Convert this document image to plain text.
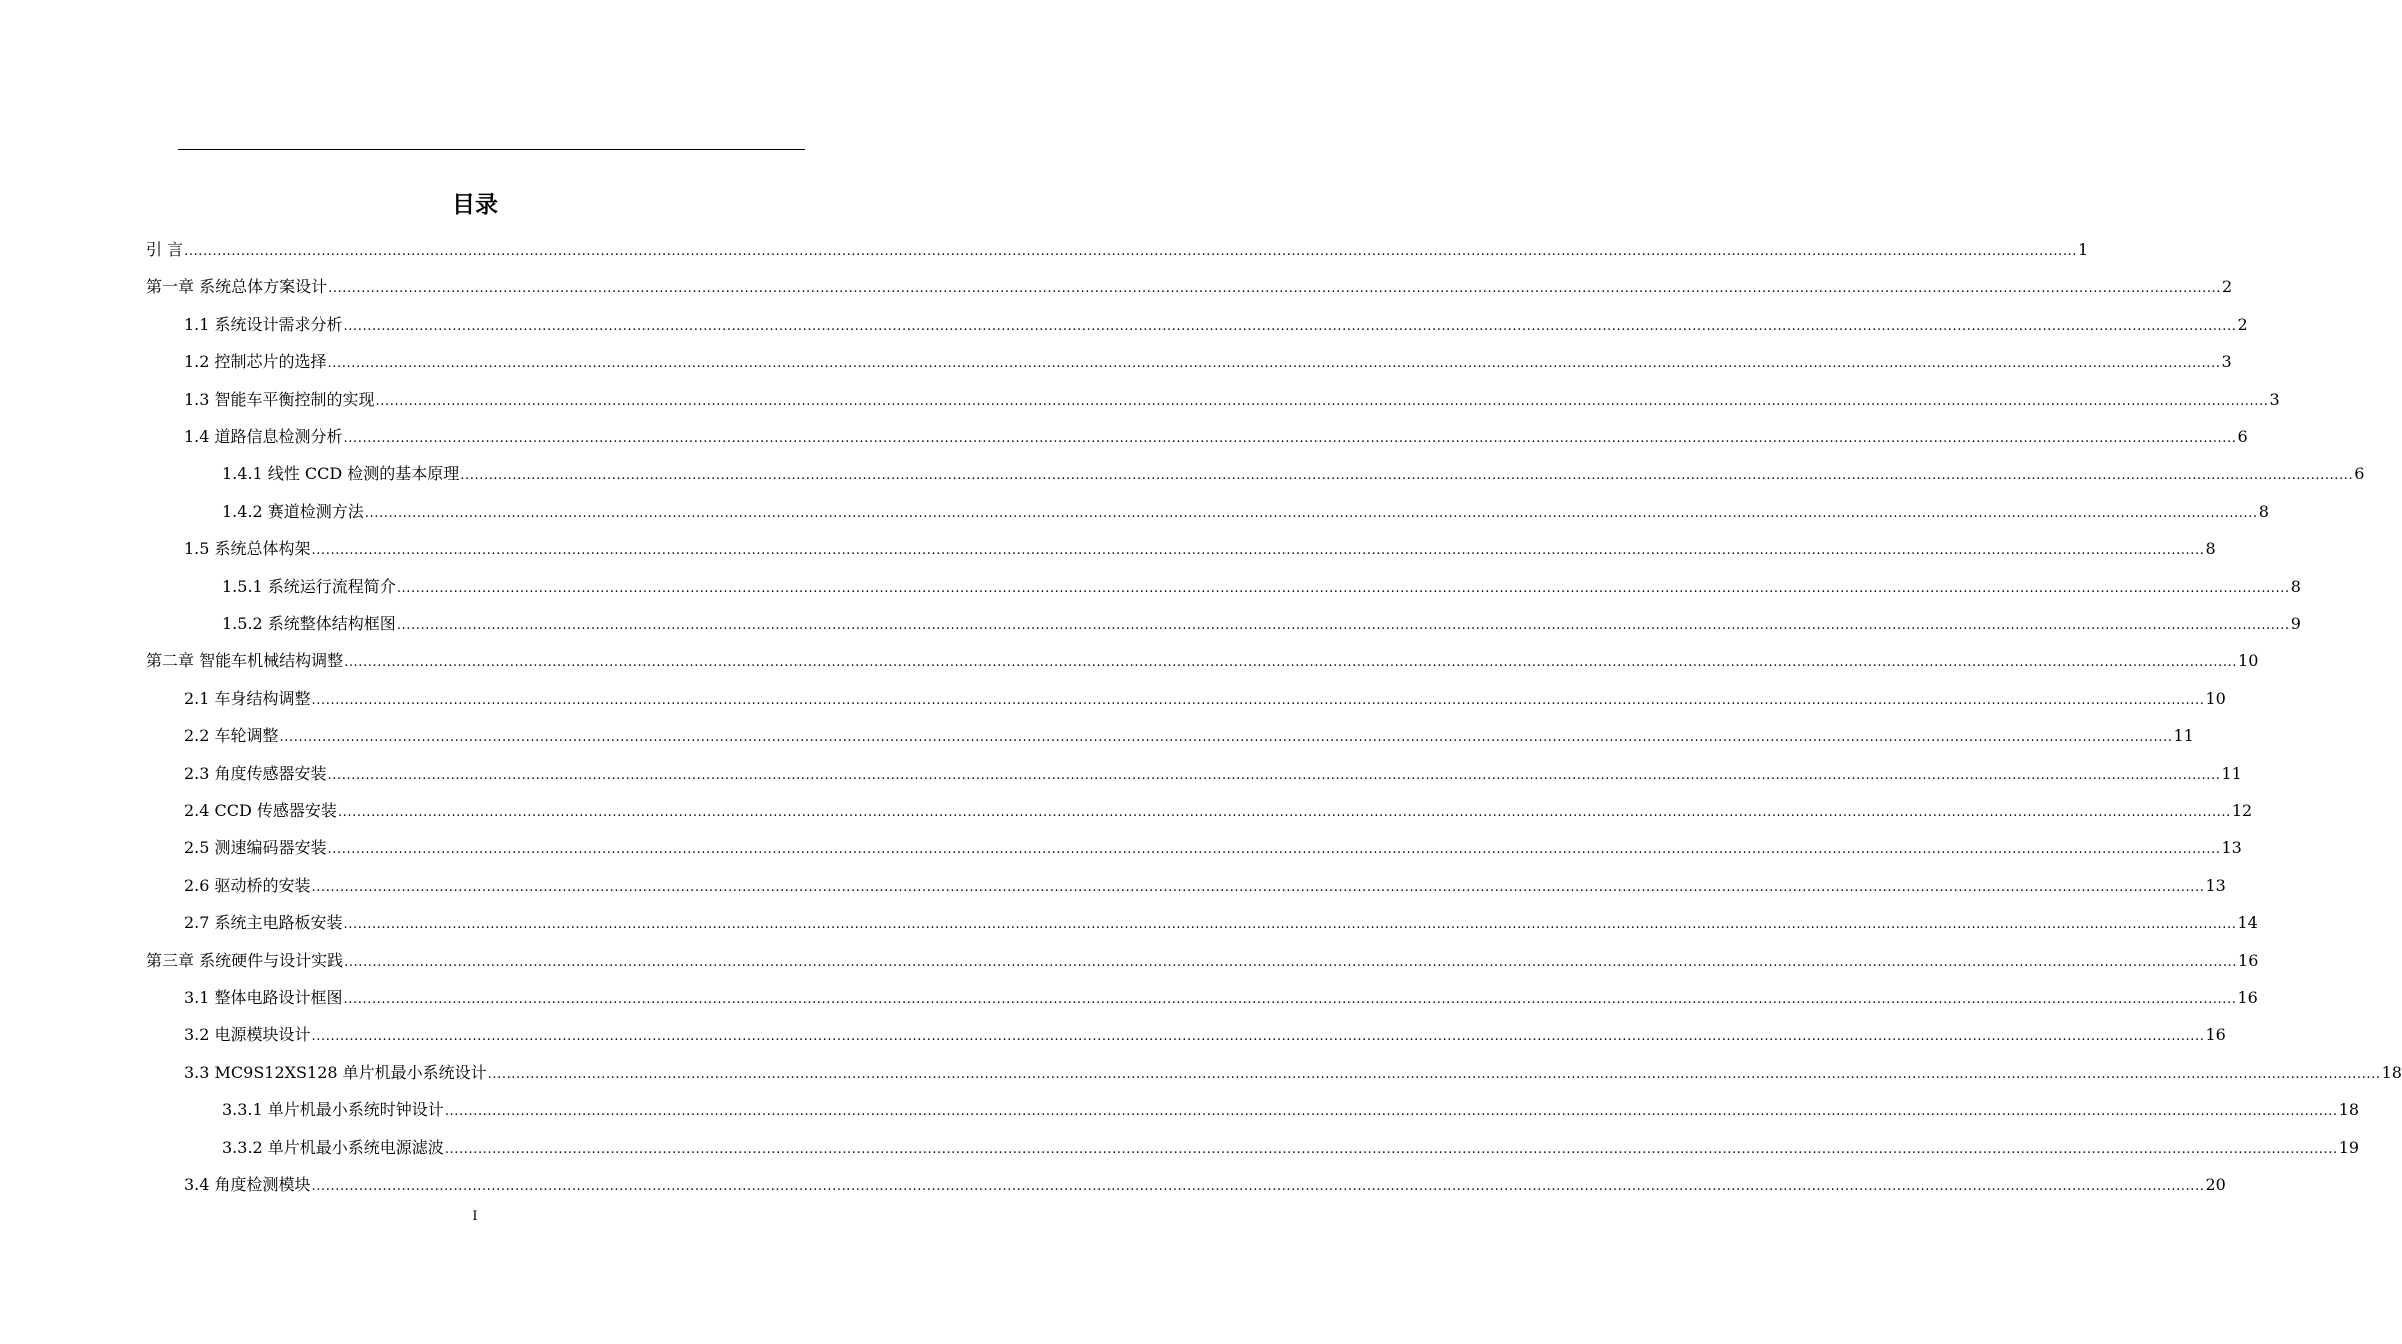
目录
引 言 ................................................................................................................................................................................................................................................................................................................................................................................................................ 1
第一章 系统总体方案设计 ................................................................................................................................................................................................................................................................................................................................................................................................................ 2
1.1 系统设计需求分析 ................................................................................................................................................................................................................................................................................................................................................................................................................ 2
1.2 控制芯片的选择 ................................................................................................................................................................................................................................................................................................................................................................................................................ 3
1.3 智能车平衡控制的实现 ................................................................................................................................................................................................................................................................................................................................................................................................................ 3
1.4 道路信息检测分析 ................................................................................................................................................................................................................................................................................................................................................................................................................ 6
1.4.1 线性 CCD 检测的基本原理 ................................................................................................................................................................................................................................................................................................................................................................................................................ 6
1.4.2 赛道检测方法 ................................................................................................................................................................................................................................................................................................................................................................................................................ 8
1.5 系统总体构架 ................................................................................................................................................................................................................................................................................................................................................................................................................ 8
1.5.1 系统运行流程简介 ................................................................................................................................................................................................................................................................................................................................................................................................................ 8
1.5.2 系统整体结构框图 ................................................................................................................................................................................................................................................................................................................................................................................................................ 9
第二章 智能车机械结构调整 ................................................................................................................................................................................................................................................................................................................................................................................................................ 10
2.1 车身结构调整 ................................................................................................................................................................................................................................................................................................................................................................................................................ 10
2.2 车轮调整 ................................................................................................................................................................................................................................................................................................................................................................................................................ 11
2.3 角度传感器安装 ................................................................................................................................................................................................................................................................................................................................................................................................................ 11
2.4 CCD 传感器安装 ................................................................................................................................................................................................................................................................................................................................................................................................................ 12
2.5 测速编码器安装 ................................................................................................................................................................................................................................................................................................................................................................................................................ 13
2.6 驱动桥的安装 ................................................................................................................................................................................................................................................................................................................................................................................................................ 13
2.7 系统主电路板安装 ................................................................................................................................................................................................................................................................................................................................................................................................................ 14
第三章 系统硬件与设计实践 ................................................................................................................................................................................................................................................................................................................................................................................................................ 16
3.1 整体电路设计框图 ................................................................................................................................................................................................................................................................................................................................................................................................................ 16
3.2 电源模块设计 ................................................................................................................................................................................................................................................................................................................................................................................................................ 16
3.3 MC9S12XS128 单片机最小系统设计 ................................................................................................................................................................................................................................................................................................................................................................................................................ 18
3.3.1 单片机最小系统时钟设计 ................................................................................................................................................................................................................................................................................................................................................................................................................ 18
3.3.2 单片机最小系统电源滤波 ................................................................................................................................................................................................................................................................................................................................................................................................................ 19
3.4 角度检测模块 ................................................................................................................................................................................................................................................................................................................................................................................................................ 20
I
